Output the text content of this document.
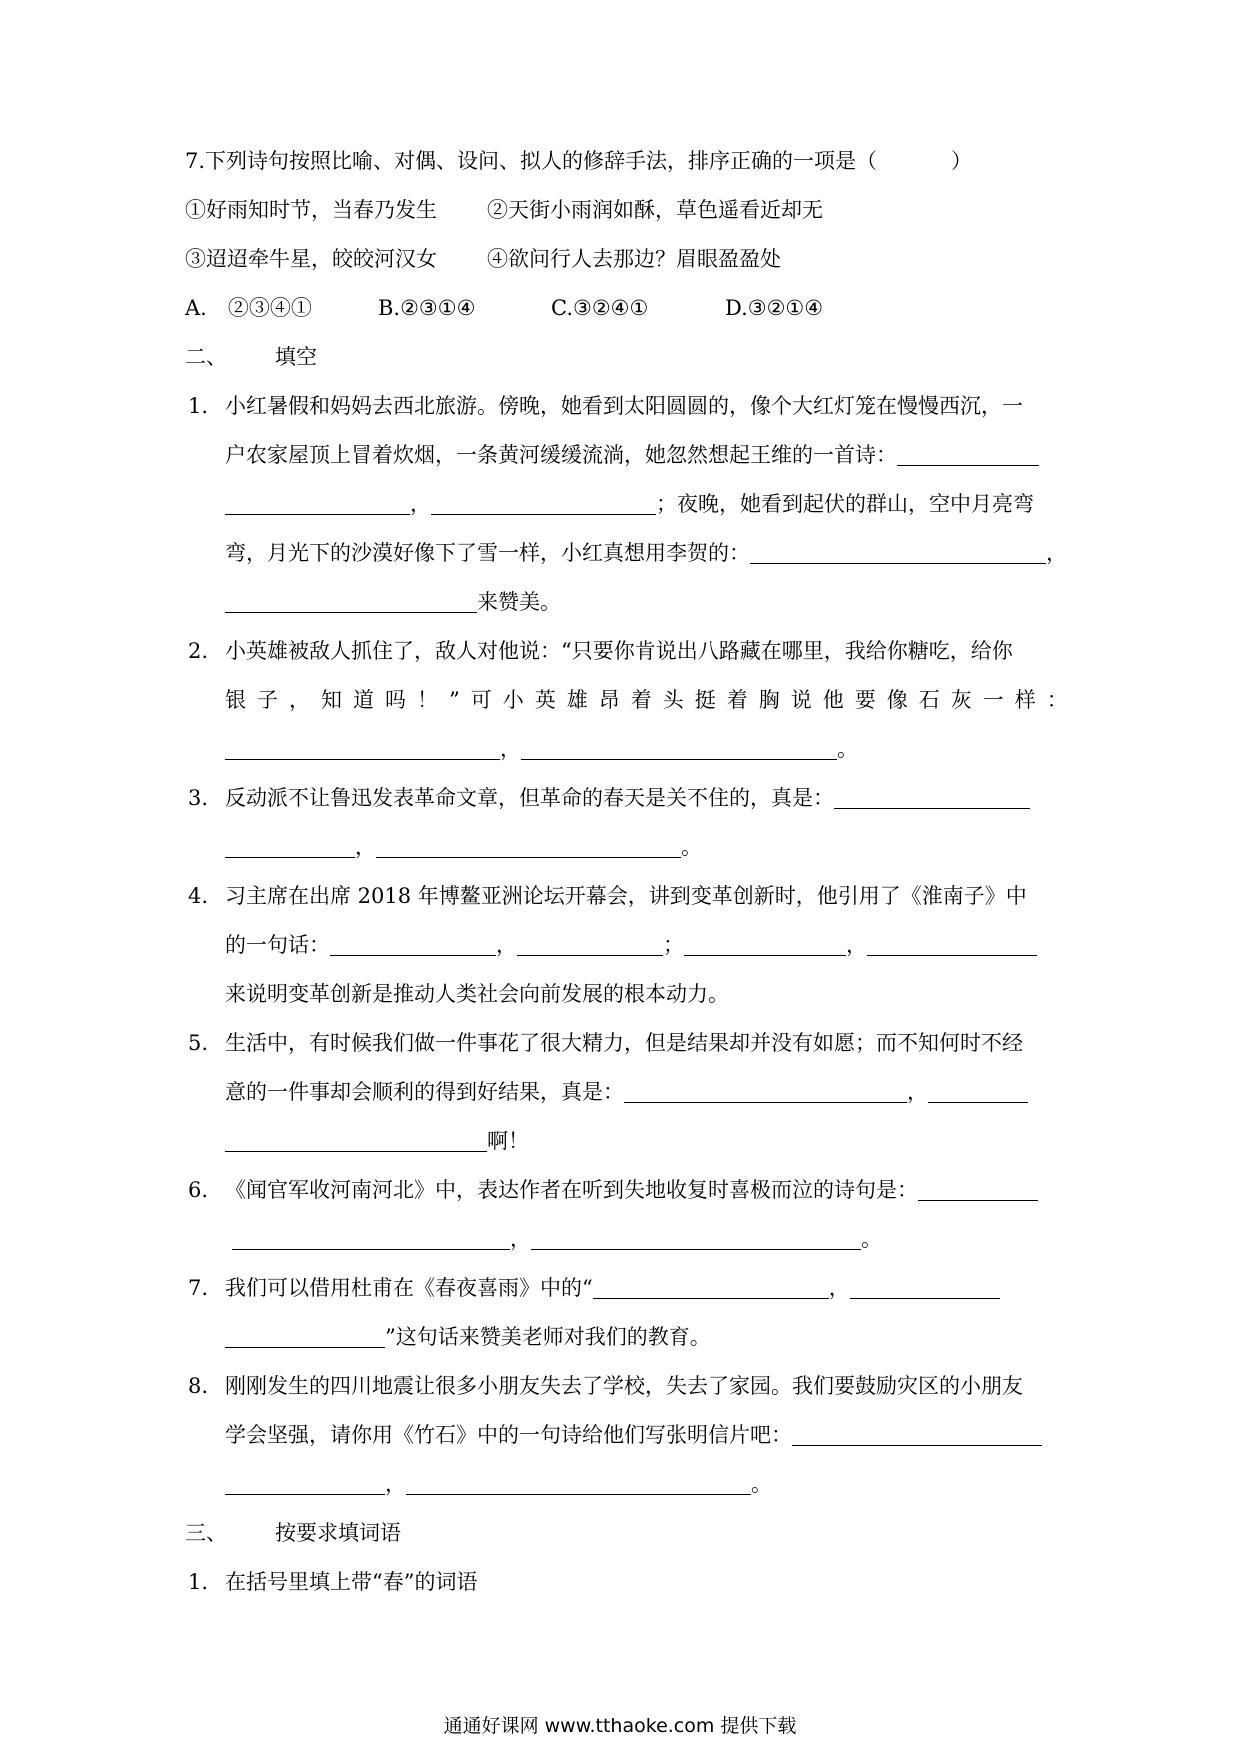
7.下列诗句按照比喻、对偶、设问、拟人的修辞手法，排序正确的一项是（	）
①好雨知时节，当春乃发生 ②天街小雨润如酥，草色遥看近却无
③迢迢牵牛星，皎皎河汉女 ④欲问行人去那边？眉眼盈盈处
A.　②③④①	B.②③①④	C.③②④①	D.③②①④
二、 填空
1. 小红暑假和妈妈去西北旅游。傍晚，她看到太阳圆圆的，像个大红灯笼在慢慢西沉，一
户农家屋顶上冒着炊烟，一条黄河缓缓流淌，她忽然想起王维的一首诗：
，	；夜晚，她看到起伏的群山，空中月亮弯
弯，月光下的沙漠好像下了雪一样，小红真想用李贺的：	，
来赞美。
2. 小英雄被敌人抓住了，敌人对他说：“只要你肯说出八路藏在哪里，我给你糖吃，给你
银子，知道吗！”可小英雄昂着头挺着胸说他要像石灰一样：
，	。
3. 反动派不让鲁迅发表革命文章，但革命的春天是关不住的，真是：
，	。
4. 习主席在出席 2018 年博鳌亚洲论坛开幕会，讲到变革创新时，他引用了《淮南子》中
的一句话：	，	；	，
来说明变革创新是推动人类社会向前发展的根本动力。
5. 生活中，有时候我们做一件事花了很大精力，但是结果却并没有如愿；而不知何时不经
意的一件事却会顺利的得到好结果，真是：	，
啊！
6. 《闻官军收河南河北》中，表达作者在听到失地收复时喜极而泣的诗句是：
，	。
7. 我们可以借用杜甫在《春夜喜雨》中的“	，
”这句话来赞美老师对我们的教育。
8. 刚刚发生的四川地震让很多小朋友失去了学校，失去了家园。我们要鼓励灾区的小朋友
学会坚强，请你用《竹石》中的一句诗给他们写张明信片吧：
，	。
三、 按要求填词语
1. 在括号里填上带“春”的词语
通通好课网 www.tthaoke.com 提供下载
